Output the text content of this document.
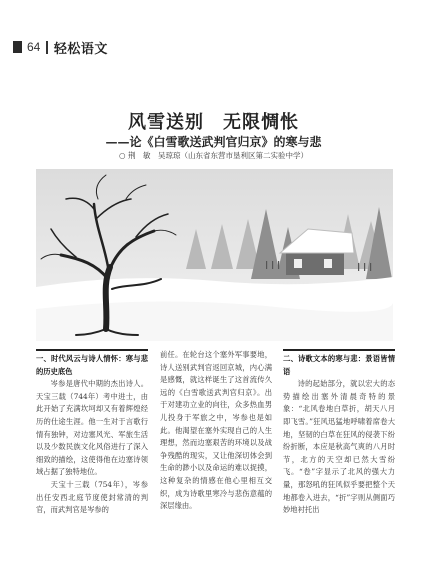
64 轻松语文
风雪送别　无限惆怅
——论《白雪歌送武判官归京》的寒与悲
○ 荆　敏　吴琼琼（山东省东营市垦利区第二实验中学）
一、时代风云与诗人情怀：寒与悲的历史底色

岑参是唐代中期的杰出诗人。天宝三载（744年）考中进士，由此开始了充满坎坷却又有着辉煌经历的仕途生涯。他一生对于言歌行情有独钟，对边塞风光、军旅生活以及少数民族文化风俗进行了深入细致的描绘，这使得他在边塞诗领域占据了独特地位。

天宝十三载（754年），岑参出任安西北庭节度使封常清的判官，而武判官是岑参的

前任。在轮台这个塞外军事要地，诗人送别武判官返回京城，内心满是感慨，就这样诞生了这首流传久远的《白雪歌送武判官归京》。出于对建功立业的向往，众多热血男儿投身于军旅之中，岑参也是如此。他渴望在塞外实现自己的人生理想，然而边塞艰苦的环境以及战争残酷的现实，又让他深切体会到生命的渺小以及命运的难以捉摸，这种复杂的情感在他心里相互交织，成为诗歌里寒冷与悲伤意蕴的深层缘由。

二、诗歌文本的寒与悲：景语皆情语

诗的起始部分，就以宏大的态势描绘出塞外清晨奇特的景象：“北风卷地白草折，胡天八月即飞雪。”狂风迅猛地呼啸着席卷大地，坚韧的白草在狂风的侵袭下纷纷折断，本应是秋高气爽的八月时节，北方的天空却已然大雪纷飞。“卷”字显示了北风的强大力量，那怒吼的狂风似乎要把整个天地都卷入进去，“折”字则从侧面巧妙地衬托出
